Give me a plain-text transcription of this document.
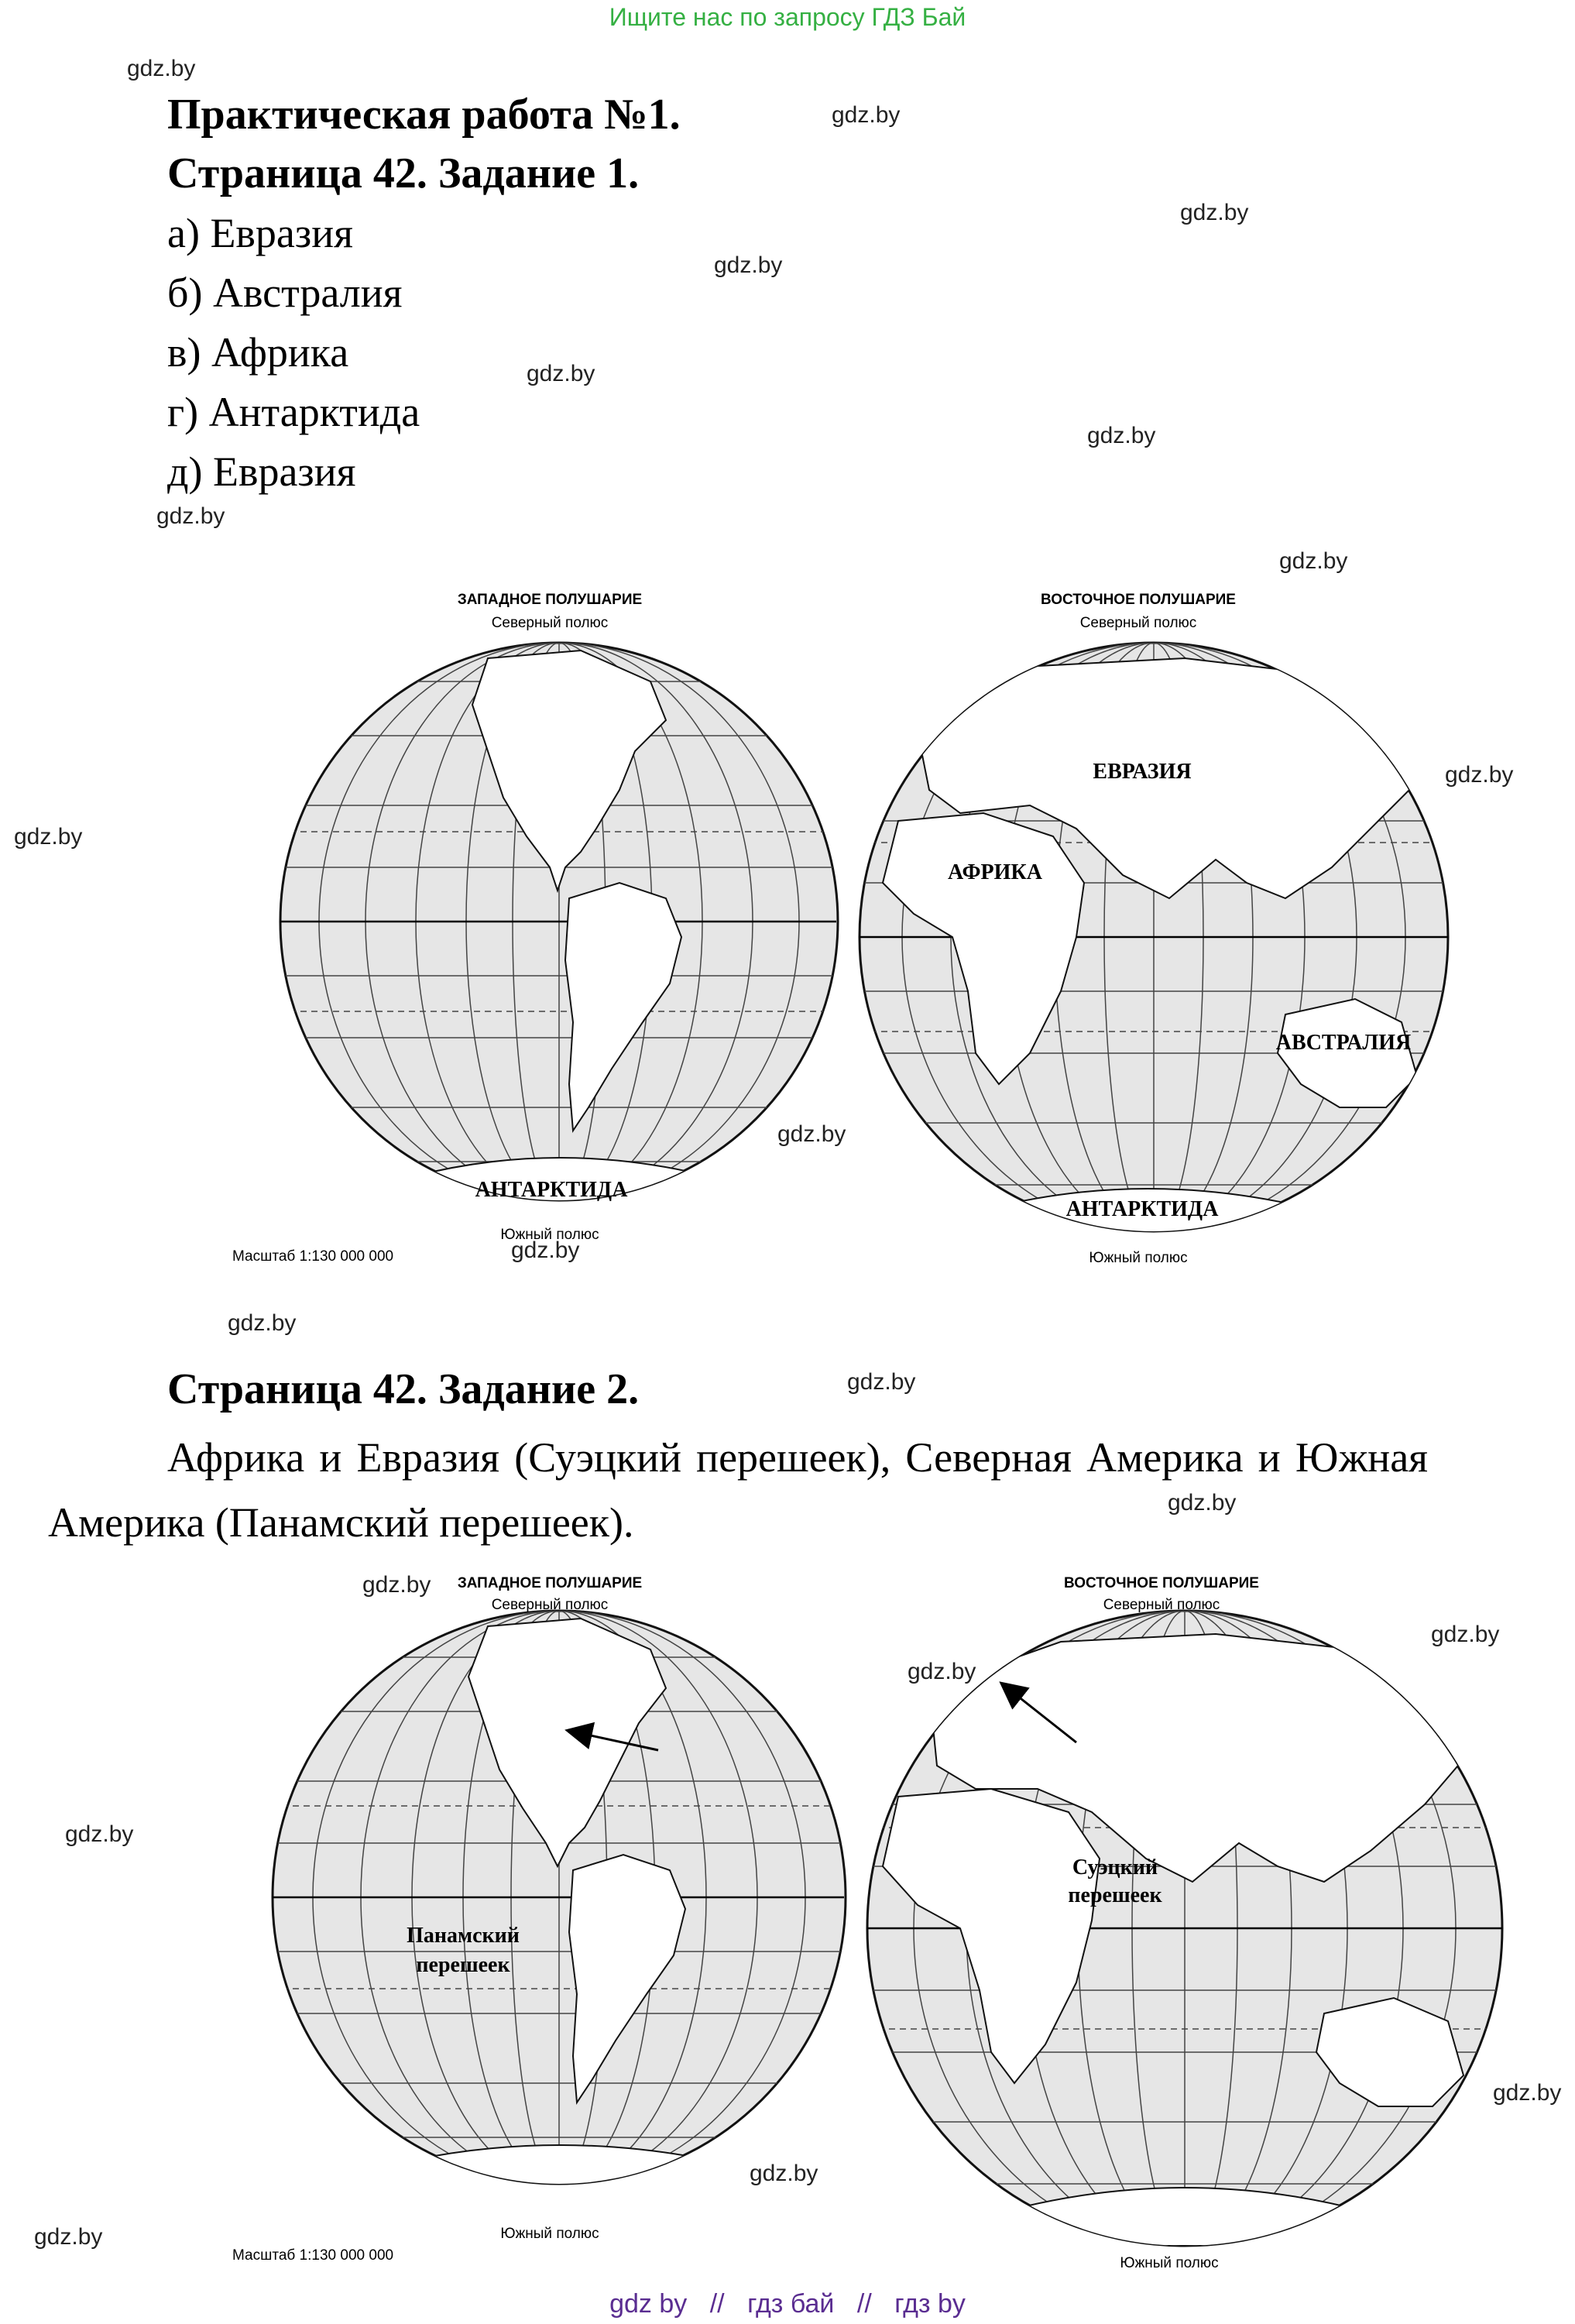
Ищите нас по запросу ГДЗ Бай
gdz.by
gdz.by
gdz.by
gdz.by
gdz.by
gdz.by
gdz.by
gdz.by
gdz.by
gdz.by
gdz.by
gdz.by
gdz.by
gdz.by
gdz.by
gdz.by
gdz.by
gdz.by
gdz.by
gdz.by
gdz.by
gdz.by
Практическая работа №1.
Страница 42. Задание 1.
а) Евразия
б) Австралия
в) Африка
г) Антарктида
д) Евразия
ЗАПАДНОЕ ПОЛУШАРИЕ
Северный полюс
Южный полюс
Масштаб 1:130 000 000
АНТАРКТИДА
ВОСТОЧНОЕ ПОЛУШАРИЕ
Северный полюс
Южный полюс
ЕВРАЗИЯ
АФРИКА
АВСТРАЛИЯ
АНТАРКТИДА
Страница 42. Задание 2.
Африка и Евразия (Суэцкий перешеек), Северная Америка и Южная Америка (Панамский перешеек).
ЗАПАДНОЕ ПОЛУШАРИЕ
Северный полюс
Южный полюс
Масштаб 1:130 000 000
Панамский
перешеек
ВОСТОЧНОЕ ПОЛУШАРИЕ
Северный полюс
Южный полюс
Суэцкий
перешеек
gdz by // гдз бай // гдз by
